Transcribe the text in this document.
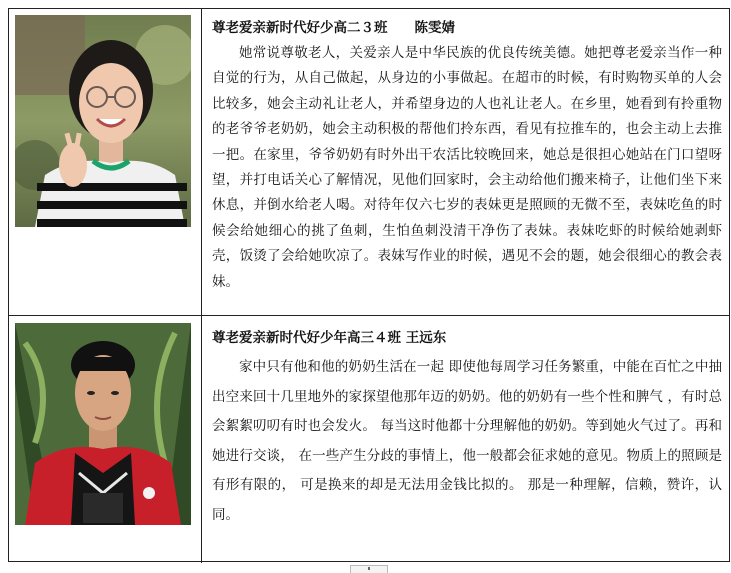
尊老爱亲新时代好少高二３班　　陈雯婧

她常说尊敬老人，关爱亲人是中华民族的优良传统美德。她把尊老爱亲当作一种自觉的行为，从自己做起，从身边的小事做起。在超市的时候，有时购物买单的人会比较多，她会主动礼让老人，并希望身边的人也礼让老人。在乡里，她看到有拎重物的老爷爷老奶奶，她会主动积极的帮他们拎东西，看见有拉推车的，也会主动上去推一把。在家里，爷爷奶奶有时外出干农活比较晚回来，她总是很担心她站在门口望呀望，并打电话关心了解情况，见他们回家时，会主动给他们搬来椅子，让他们坐下来休息，并倒水给老人喝。对待年仅六七岁的表妹更是照顾的无微不至，表妹吃鱼的时候会给她细心的挑了鱼刺，生怕鱼刺没清干净伤了表妹。表妹吃虾的时候给她剥虾壳，饭烫了会给她吹凉了。表妹写作业的时候，遇见不会的题，她会很细心的教会表妹。

尊老爱亲新时代好少年高三４班 王远东

家中只有他和他的奶奶生活在一起 即使他每周学习任务繁重，中能在百忙之中抽出空来回十几里地外的家探望他那年迈的奶奶。他的奶奶有一些个性和脾气 ，有时总会絮絮叨叨有时也会发火。 每当这时他都十分理解他的奶奶。等到她火气过了。再和她进行交谈， 在一些产生分歧的事情上，他一般都会征求她的意见。物质上的照顾是有形有限的， 可是换来的却是无法用金钱比拟的。 那是一种理解，信赖，赞许，认同。
